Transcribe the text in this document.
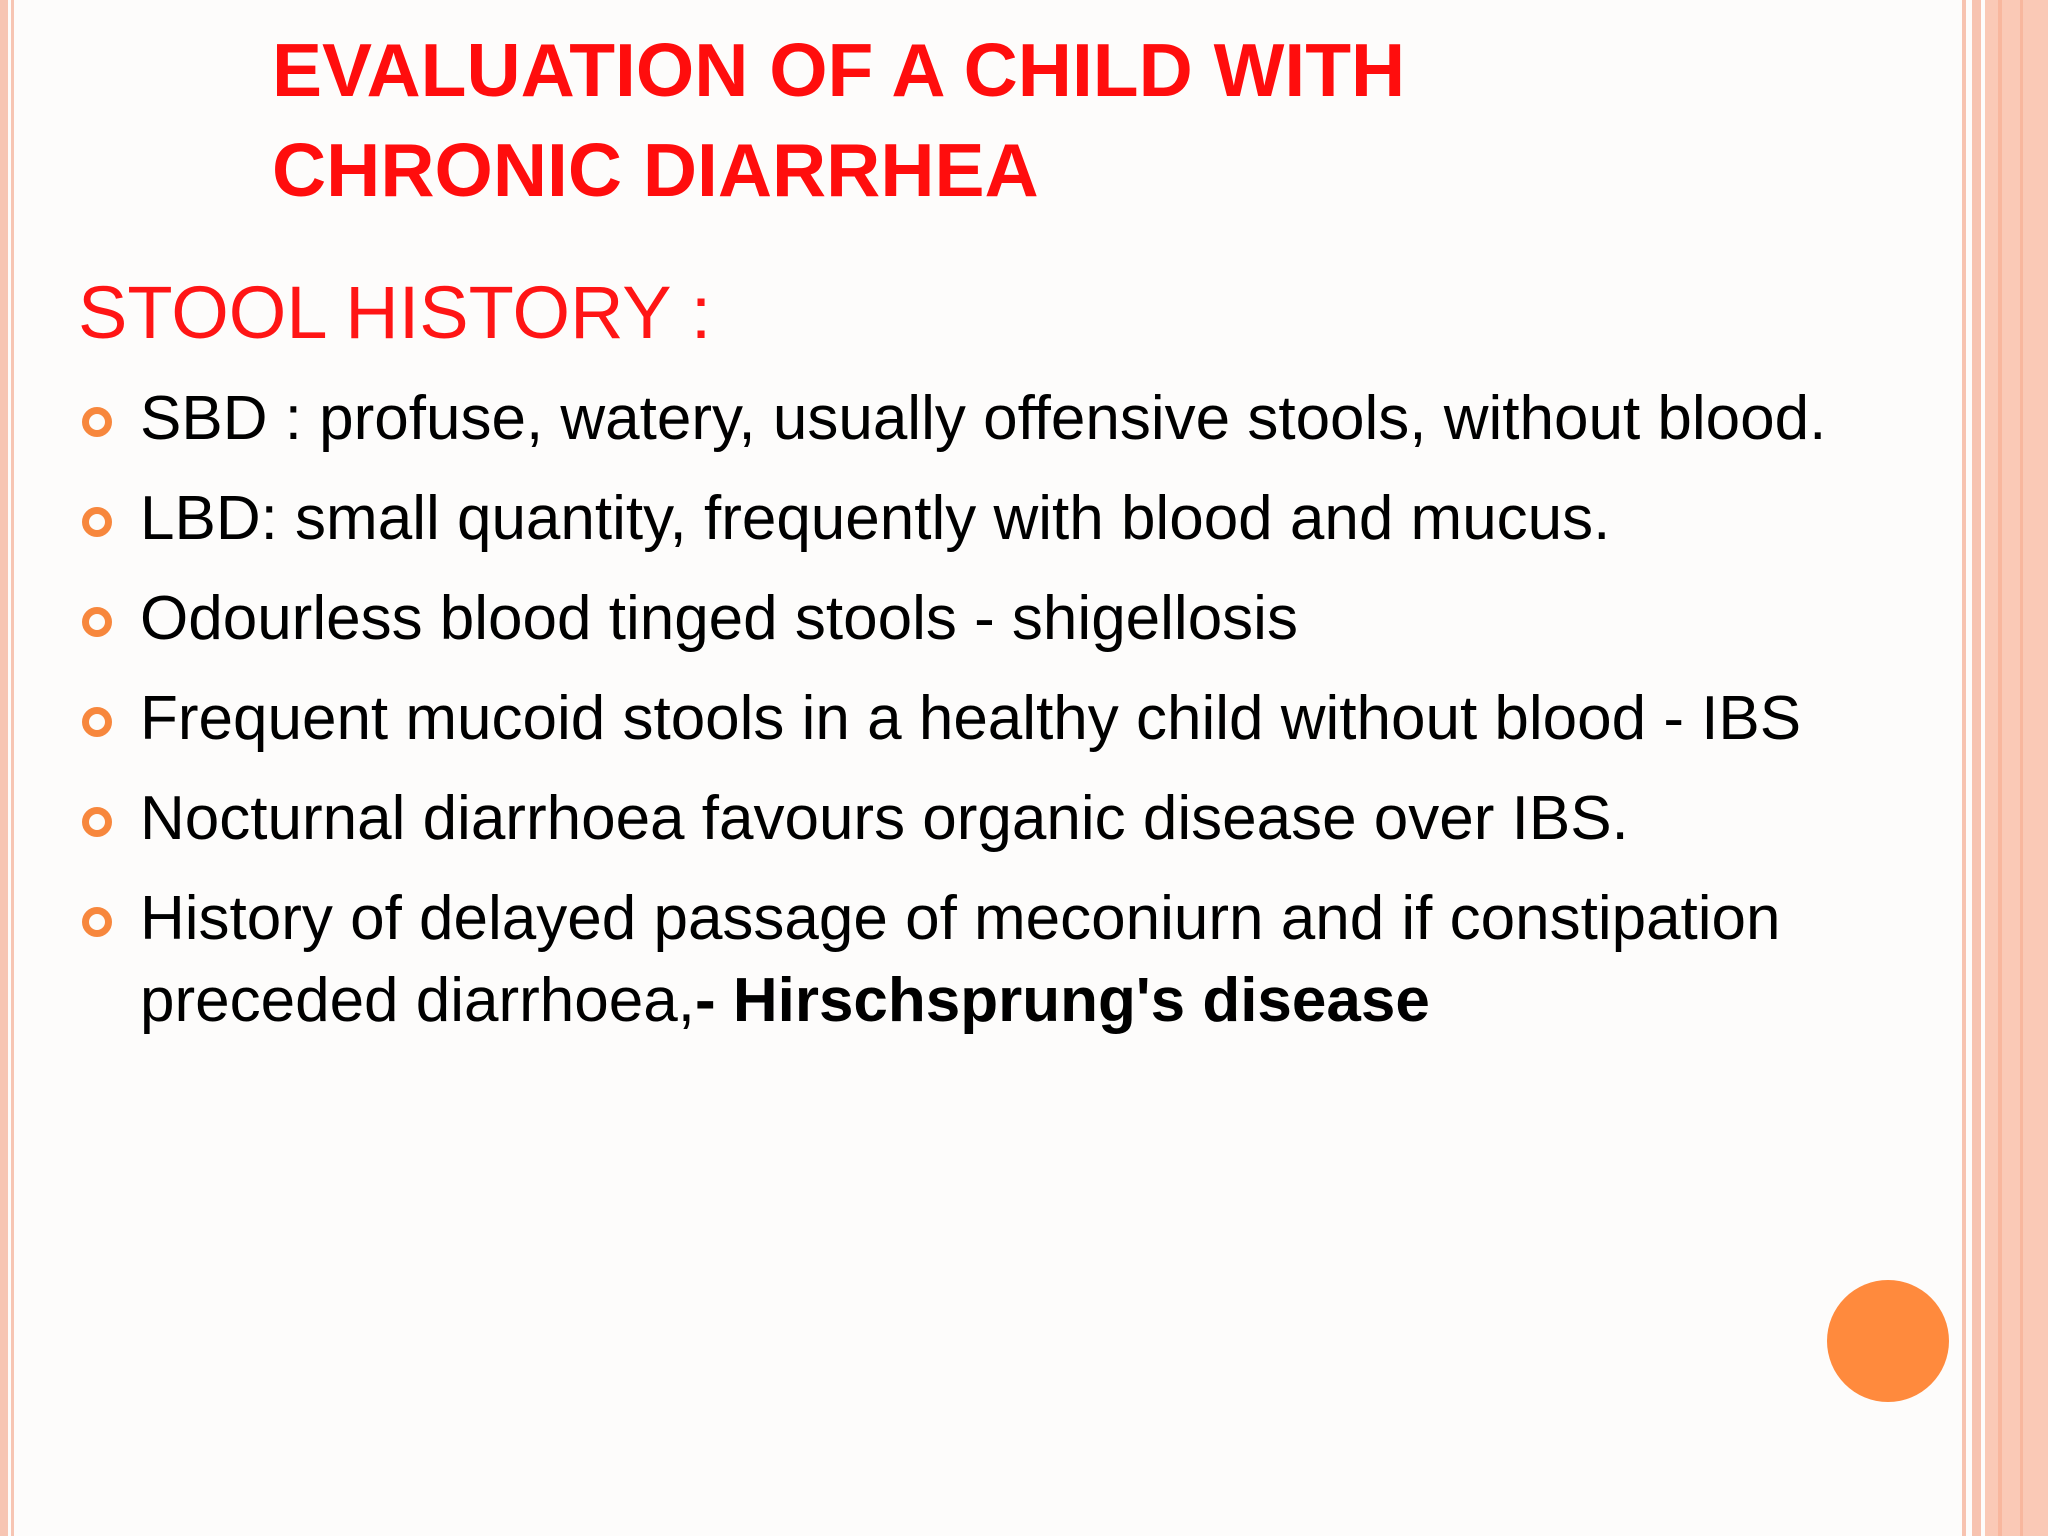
EVALUATION OF A CHILD WITH CHRONIC DIARRHEA
STOOL HISTORY :
SBD : profuse, watery, usually offensive stools, without blood.
LBD: small quantity, frequently with blood and mucus.
Odourless blood tinged stools - shigellosis
Frequent mucoid stools in a healthy child without blood - IBS
Nocturnal diarrhoea favours organic disease over IBS.
History of delayed passage of meconiurn and if constipation preceded diarrhoea,- Hirschsprung's disease
